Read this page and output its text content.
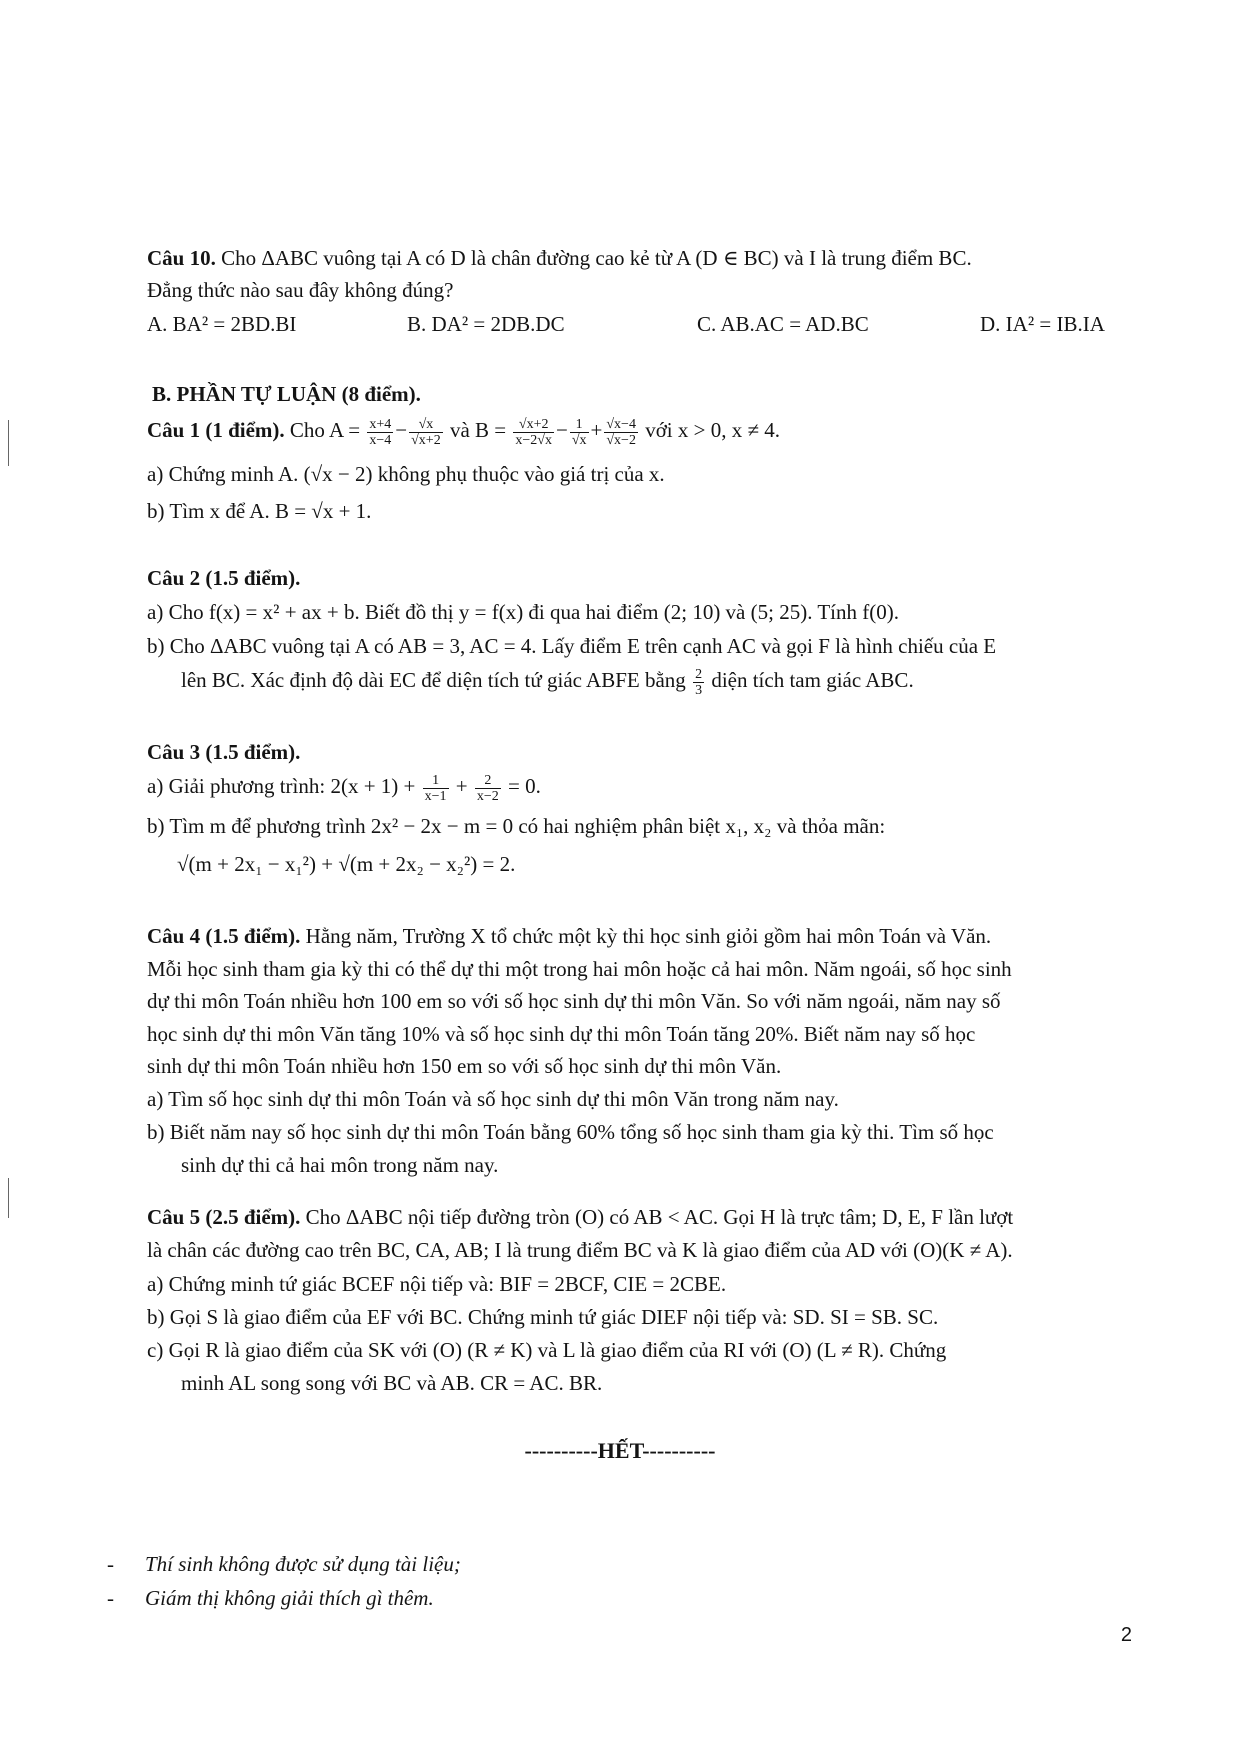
Câu 10. Cho ΔABC vuông tại A có D là chân đường cao kẻ từ A (D ∈ BC) và I là trung điểm BC.
Đẳng thức nào sau đây không đúng?
A. BA² = 2BD.BI	B. DA² = 2DB.DC	C. AB.AC = AD.BC	D. IA² = IB.IA
B. PHẦN TỰ LUẬN (8 điểm).
Câu 1 (1 điểm). Cho $A = \frac{x+4}{x-4} - \frac{√x}{√x+2}$ và $B = \frac{√x+2}{x-2√x} - \frac{1}{√x} + \frac{√x-4}{√x-2}$ với x > 0, x ≠ 4.
a) Chứng minh A. (√x − 2) không phụ thuộc vào giá trị của x.
b) Tìm x để A. B = √x + 1.
Câu 2 (1.5 điểm).
a) Cho f(x) = x² + ax + b. Biết đồ thị y = f(x) đi qua hai điểm (2; 10) và (5; 25). Tính f(0).
b) Cho ΔABC vuông tại A có AB = 3, AC = 4. Lấy điểm E trên cạnh AC và gọi F là hình chiếu của E
lên BC. Xác định độ dài EC để diện tích tứ giác ABFE bằng $\frac{2}{3}$ diện tích tam giác ABC.
Câu 3 (1.5 điểm).
a) Giải phương trình: $2(x + 1) + \frac{1}{x-1} + \frac{2}{x-2} = 0$.
b) Tìm m để phương trình 2x² − 2x − m = 0 có hai nghiệm phân biệt x₁, x₂ và thỏa mãn:
√(m + 2x₁ − x₁²) + √(m + 2x₂ − x₂²) = 2.
Câu 4 (1.5 điểm). Hằng năm, Trường X tổ chức một kỳ thi học sinh giỏi gồm hai môn Toán và Văn.
Mỗi học sinh tham gia kỳ thi có thể dự thi một trong hai môn hoặc cả hai môn. Năm ngoái, số học sinh
dự thi môn Toán nhiều hơn 100 em so với số học sinh dự thi môn Văn. So với năm ngoái, năm nay số
học sinh dự thi môn Văn tăng 10% và số học sinh dự thi môn Toán tăng 20%. Biết năm nay số học
sinh dự thi môn Toán nhiều hơn 150 em so với số học sinh dự thi môn Văn.
a) Tìm số học sinh dự thi môn Toán và số học sinh dự thi môn Văn trong năm nay.
b) Biết năm nay số học sinh dự thi môn Toán bằng 60% tổng số học sinh tham gia kỳ thi. Tìm số học
sinh dự thi cả hai môn trong năm nay.
Câu 5 (2.5 điểm). Cho ΔABC nội tiếp đường tròn (O) có AB < AC. Gọi H là trực tâm; D, E, F lần lượt
là chân các đường cao trên BC, CA, AB; I là trung điểm BC và K là giao điểm của AD với (O)(K ≠ A).
a) Chứng minh tứ giác BCEF nội tiếp và: BIF = 2BCF, CIE = 2CBE.
b) Gọi S là giao điểm của EF với BC. Chứng minh tứ giác DIEF nội tiếp và: SD. SI = SB. SC.
c) Gọi R là giao điểm của SK với (O) (R ≠ K) và L là giao điểm của RI với (O) (L ≠ R). Chứng
minh AL song song với BC và AB. CR = AC. BR.
----------HẾT----------
- Thí sinh không được sử dụng tài liệu;
- Giám thị không giải thích gì thêm.
2
